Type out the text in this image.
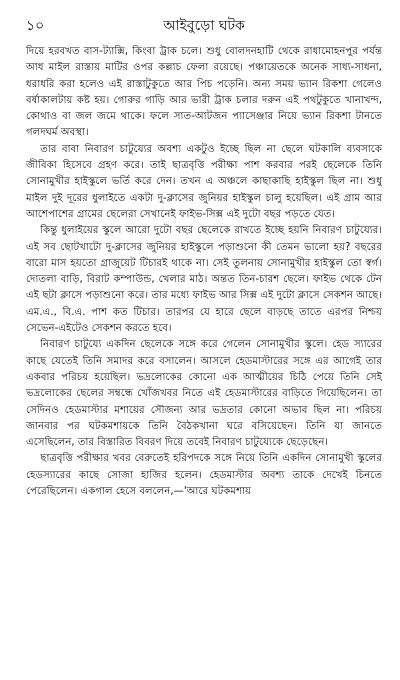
১০	আইবুড়ো ঘটক

দিয়ে হরবখত বাস-ট্যাক্সি, কিংবা ট্রাক চলে। শুধু বোলদনহাটি থেকে রাধামোহনপুর পর্যন্ত আধ মাইল রাস্তায় মাটির ওপর কল্লাচ ফেলা রয়েছে। পঞ্চায়েতকে অনেক সাধ্য-সাধনা, ধরাধরি করা হলেও এই রাস্তাটুকুতে আর পিচ পড়েনি। অন্য সময় ভ্যান রিকশা গেলেও বর্ষাকালটায় কষ্ট হয়। গোরুর গাড়ি আর ভারী ট্রাক চলার দরুন এই পথটুকুতে খানাখন্দ, কোথাও বা জল জমে থাকে। ফলে সাত-আটজন প্যাসেঞ্জার নিয়ে ভ্যান রিকশা টানতে গলদঘর্ম অবস্থা।

তার বাবা নিবারণ চাটুয্যের অবশ্য একটুও ইচ্ছে ছিল না ছেলে ঘটকালি ব্যবসাকে জীবিকা হিসেবে গ্রহণ করে। তাই ছাত্রবৃত্তি পরীক্ষা পাশ করবার পরই ছেলেকে তিনি সোনামুখীর হাইস্কুলে ভর্তি করে দেন। তখন এ অঞ্চলে কাছাকাছি হাইস্কুল ছিল না। শুধু মাইল দুই দূরের ধুলাইতে একটা দু-ক্লাসের জুনিয়র হাইস্কুল চালু হয়েছিল। এই গ্রাম আর আশেপাশের গ্রামের ছেলেরা সেখানেই ফাইভ-সিক্স এই দুটো বছর পড়তে যেত।

কিন্তু ধুলাইয়ের স্কুলে আরো দুটো বছর ছেলেকে রাখতে ইচ্ছে হয়নি নিবারণ চাটুয্যের। এই সব ছোটখাটো দু-ক্লাসের জুনিয়র হাইস্কুলে পড়াশুনো কী তেমন ভালো হয়? বছরের বারো মাস হয়তো গ্রাজুয়েট টিচারই থাকে না। সেই তুলনায় সোনামুখীর হাইস্কুল তো স্বর্গ। দোতলা বাড়ি, বিরাট কম্পাউন্ড, খেলার মাঠ। অন্তত তিন-চারশ ছেলে। ফাইভ থেকে টেন এই ছটা ক্লাসে পড়াশুনো করে। তার মধ্যে ফাইভ আর সিক্স এই দুটো ক্লাসে সেকশন আছে। এম.এ., বি.এ. পাশ কত টিচার। তারপর যে হারে ছেলে বাড়ছে তাতে এরপর নিশ্চয় সেভেন-এইটেও সেকশন করতে হবে।

নিবারণ চাটুয্যে একদিন ছেলেকে সঙ্গে করে গেলেন সোনামুখীর স্কুলে। হেড স্যারের কাছে যেতেই তিনি সমাদর করে বসালেন। আসলে হেডমাস্টারের সঙ্গে এর আগেই তার একবার পরিচয় হয়েছিল। ভদ্রলোকের কোনো এক আত্মীয়ের চিঠি পেয়ে তিনি সেই ভদ্রলোকের ছেলের সম্বন্ধে খোঁজখবর নিতে এই হেডমাস্টারের বাড়িতে গিয়েছিলেন। তা সেদিনও হেডমাস্টার মশায়ের সৌজন্য আর ভদ্রতার কোনো অভাব ছিল না। পরিচয় জানবার পর ঘটকমশায়কে তিনি বৈঠকখানা ঘরে বসিয়েছেন। তিনি যা জানতে এসেছিলেন, তার বিস্তারিত বিবরণ দিয়ে তবেই নিবারণ চাটুয্যেকে ছেড়েছেন।

ছাত্রবৃত্তি পরীক্ষার খবর বেরুতেই হরিপদকে সঙ্গে নিয়ে তিনি একদিন সোনামুখী স্কুলের হেডস্যারের কাছে সোজা হাজির হলেন। হেডমাস্টার অবশ্য তাকে দেখেই চিনতে পেরেছিলেন। একগাল হেসে বললেন,—'আরে ঘটকমশায়
